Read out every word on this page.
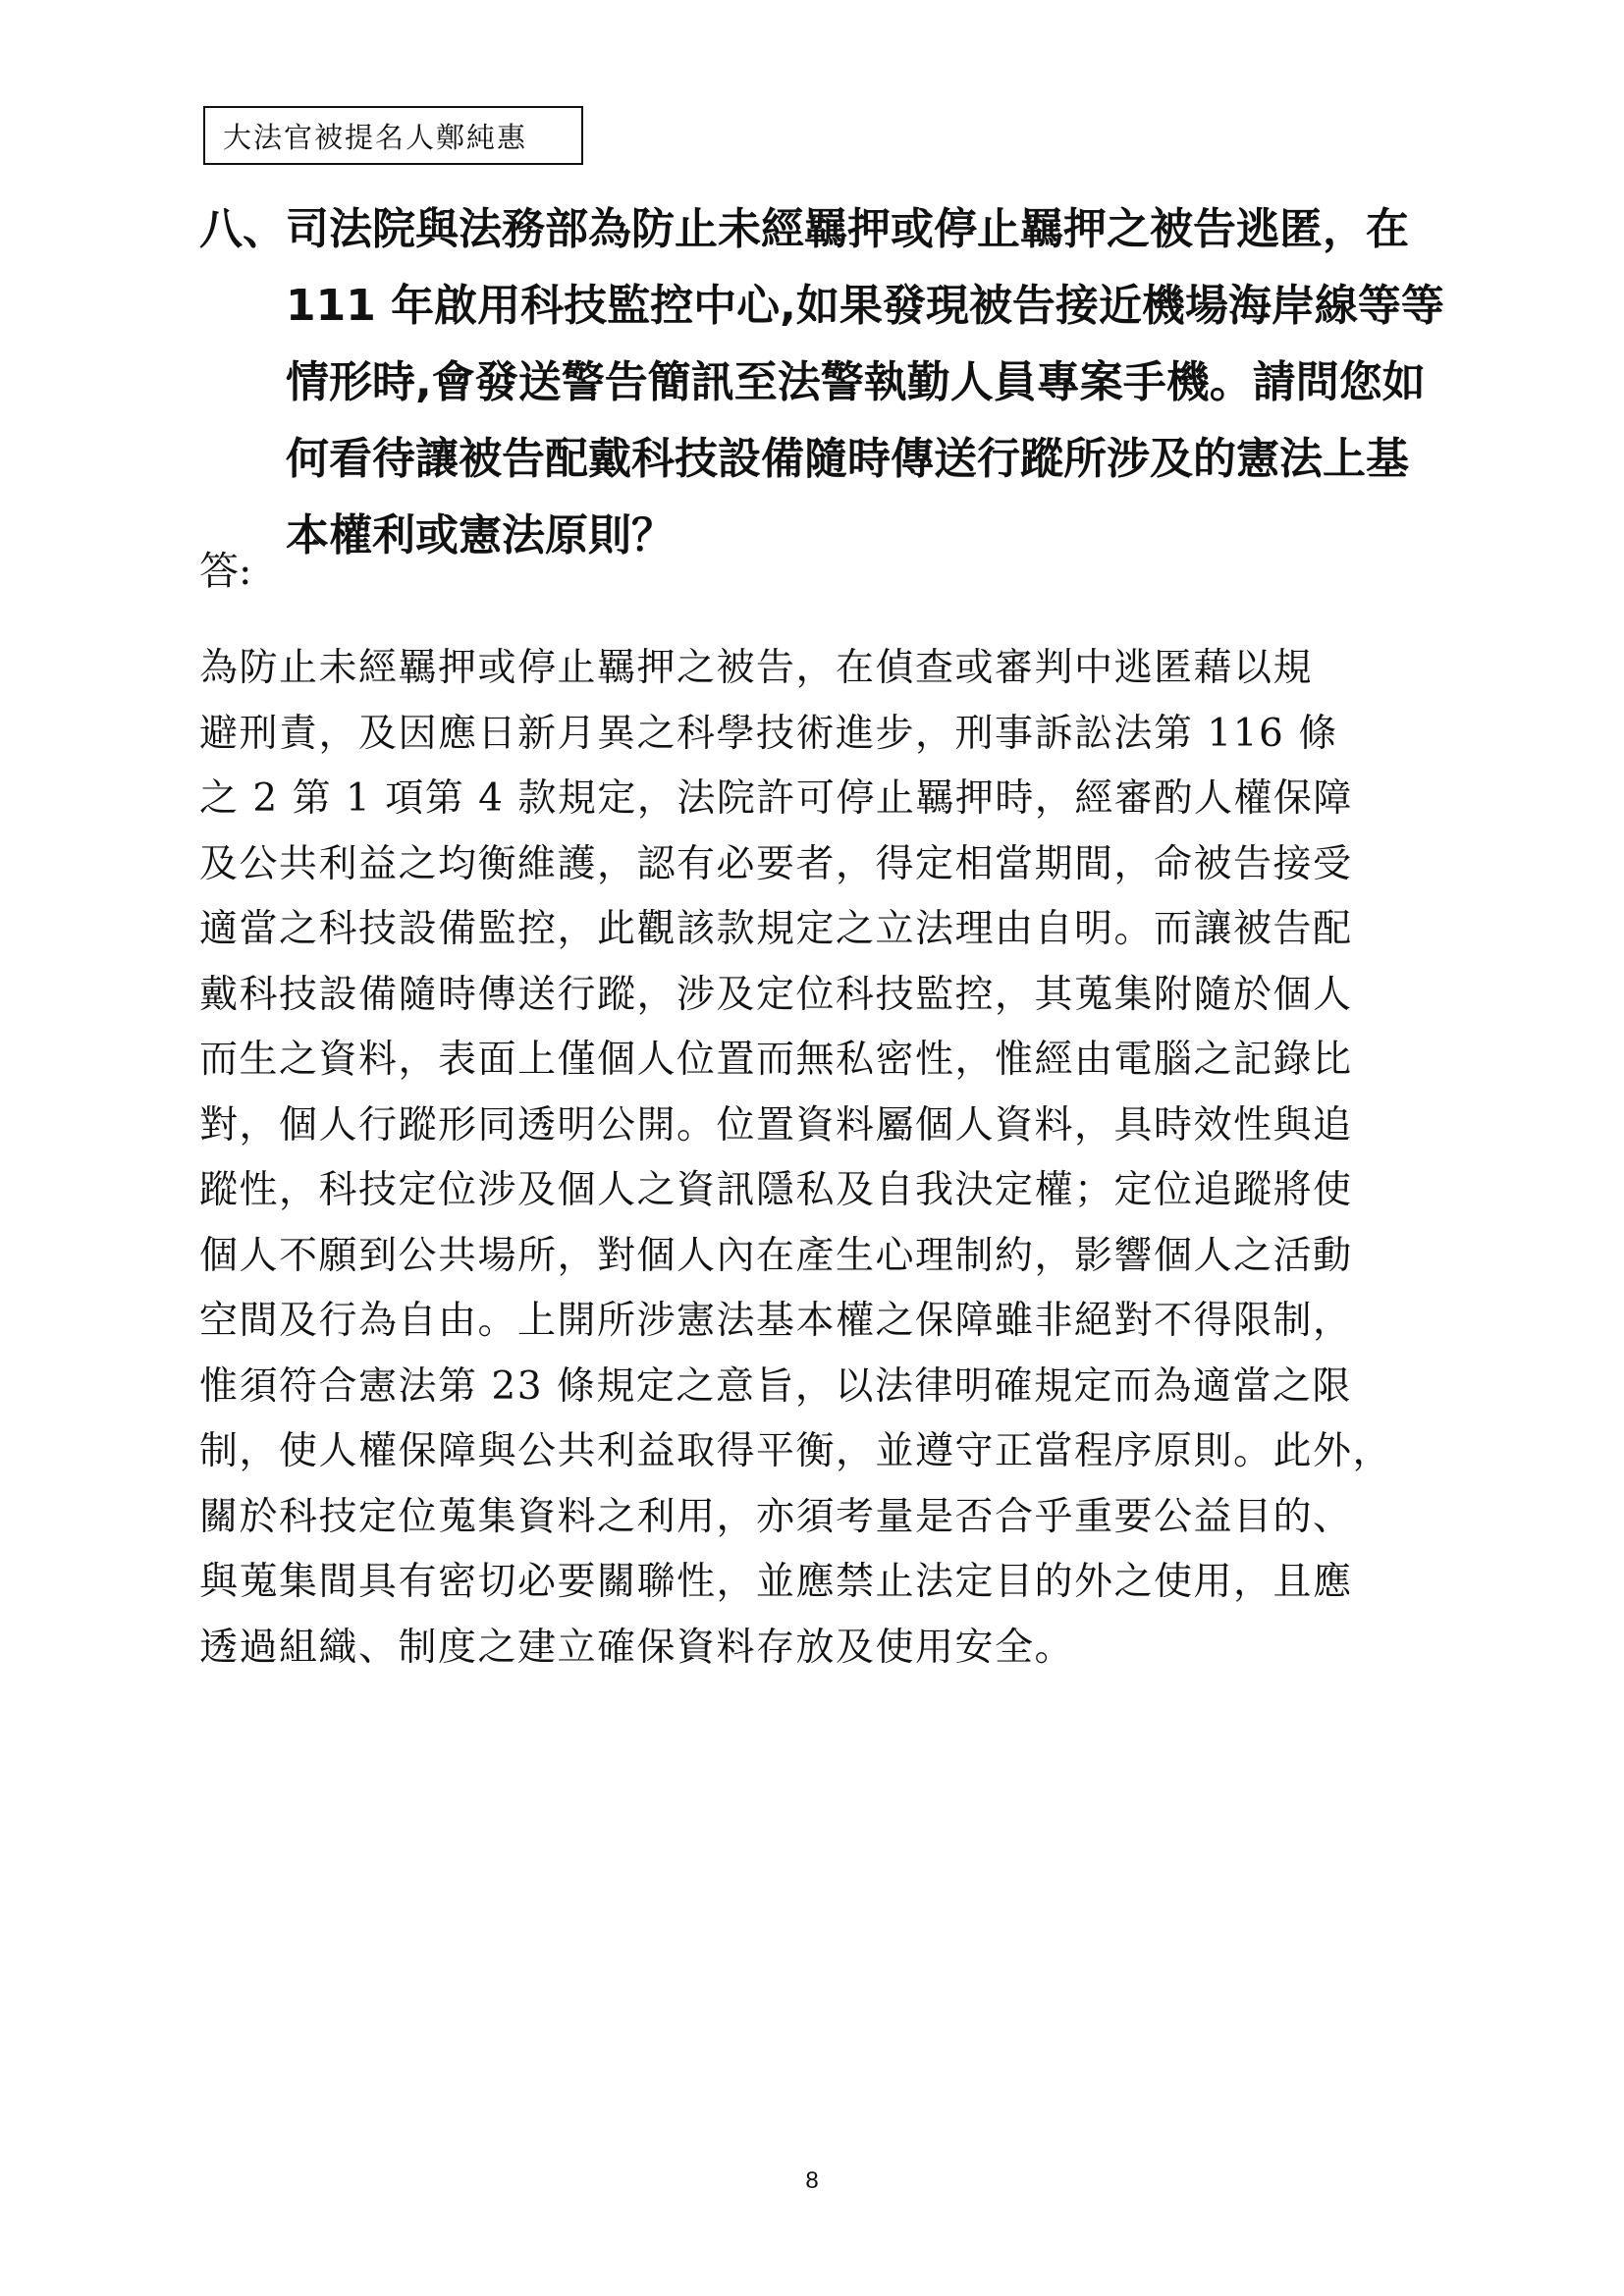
大法官被提名人鄭純惠
八、司法院與法務部為防止未經羈押或停止羈押之被告逃匿，在
111 年啟用科技監控中心,如果發現被告接近機場海岸線等等
情形時,會發送警告簡訊至法警執勤人員專案手機。請問您如
何看待讓被告配戴科技設備隨時傳送行蹤所涉及的憲法上基
本權利或憲法原則？
答:
為防止未經羈押或停止羈押之被告，在偵查或審判中逃匿藉以規
避刑責，及因應日新月異之科學技術進步，刑事訴訟法第 116 條
之 2 第 1 項第 4 款規定，法院許可停止羈押時，經審酌人權保障
及公共利益之均衡維護，認有必要者，得定相當期間，命被告接受
適當之科技設備監控，此觀該款規定之立法理由自明。而讓被告配
戴科技設備隨時傳送行蹤，涉及定位科技監控，其蒐集附隨於個人
而生之資料，表面上僅個人位置而無私密性，惟經由電腦之記錄比
對，個人行蹤形同透明公開。位置資料屬個人資料，具時效性與追
蹤性，科技定位涉及個人之資訊隱私及自我決定權；定位追蹤將使
個人不願到公共場所，對個人內在產生心理制約，影響個人之活動
空間及行為自由。上開所涉憲法基本權之保障雖非絕對不得限制，
惟須符合憲法第 23 條規定之意旨，以法律明確規定而為適當之限
制，使人權保障與公共利益取得平衡，並遵守正當程序原則。此外，
關於科技定位蒐集資料之利用，亦須考量是否合乎重要公益目的、
與蒐集間具有密切必要關聯性，並應禁止法定目的外之使用，且應
透過組織、制度之建立確保資料存放及使用安全。
8
